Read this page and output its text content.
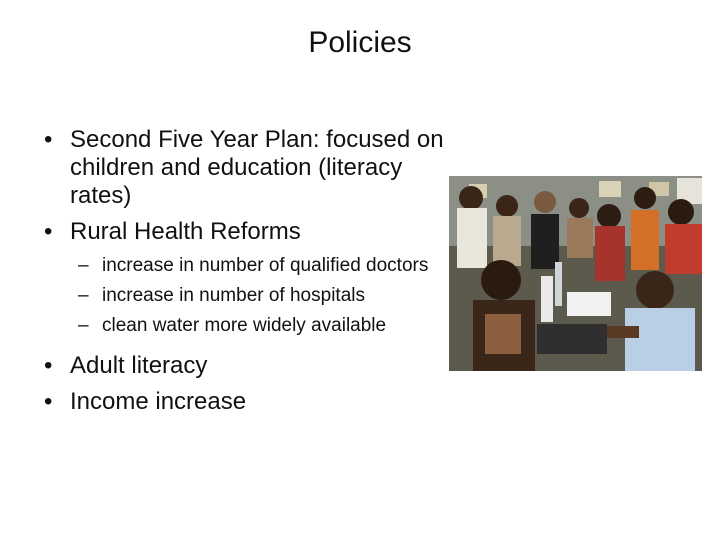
Policies
• Second Five Year Plan: focused on children and education (literacy rates)
• Rural Health Reforms
– increase in number of qualified doctors
– increase in number of hospitals
– clean water more widely available
• Adult literacy
• Income increase
